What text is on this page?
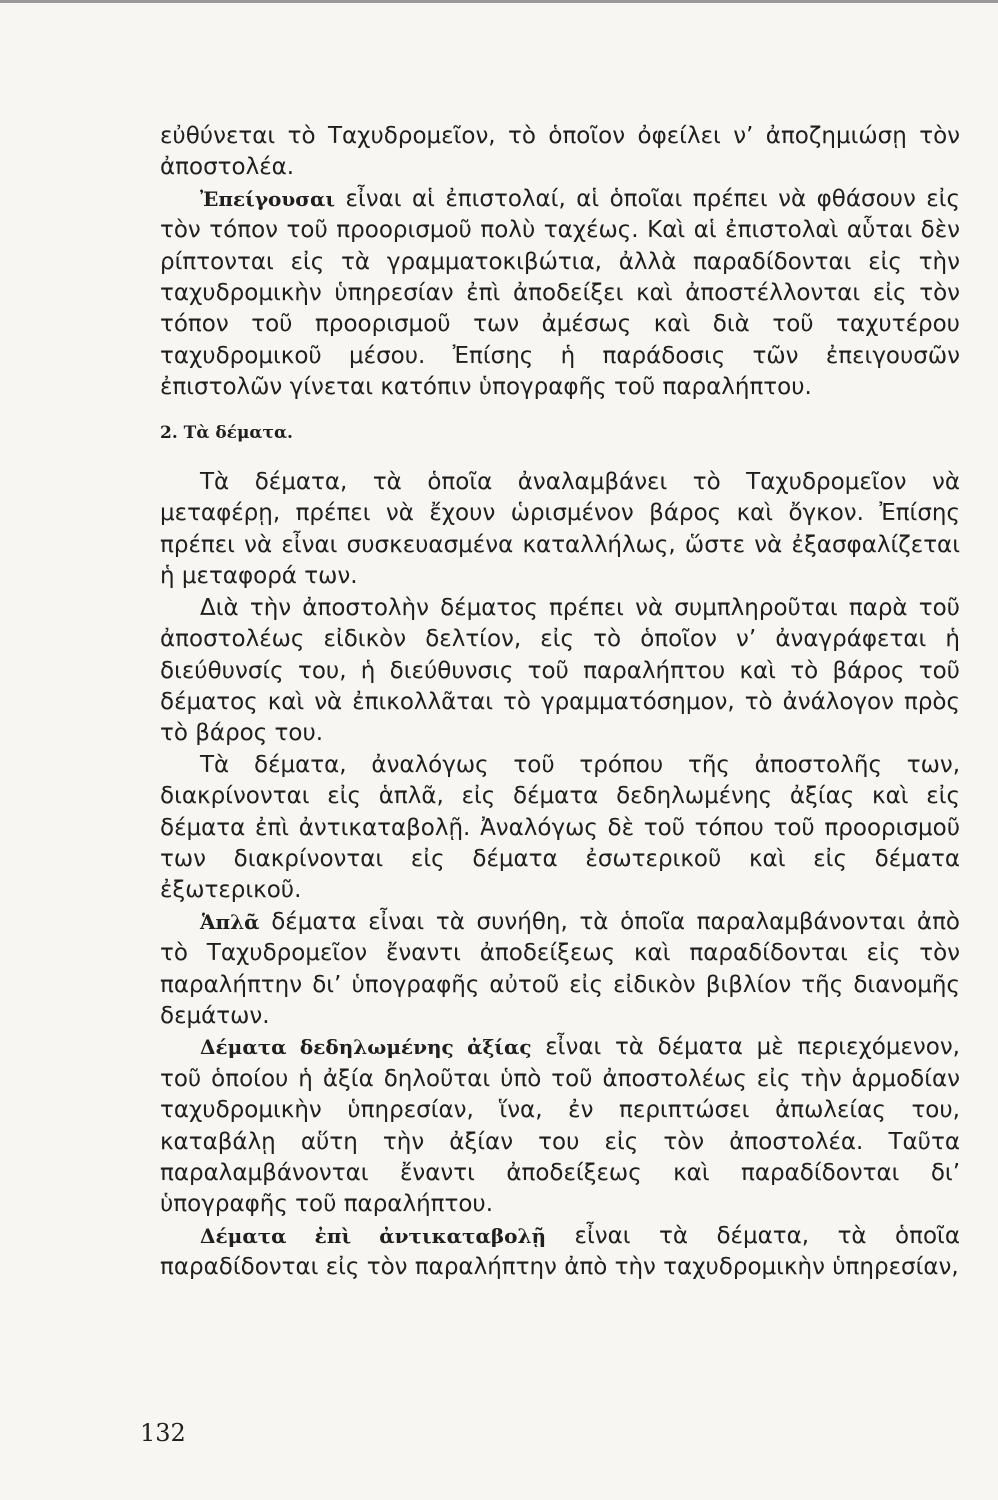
εὐθύνεται τὸ Ταχυδρομεῖον, τὸ ὁποῖον ὀφείλει ν’ ἀποζημιώσῃ τὸν ἀποστολέα.

Ἐπείγουσαι εἶναι αἱ ἐπιστολαί, αἱ ὁποῖαι πρέπει νὰ φθάσουν εἰς τὸν τόπον τοῦ προορισμοῦ πολὺ ταχέως. Καὶ αἱ ἐπιστολαὶ αὗται δὲν ρίπτονται εἰς τὰ γραμματοκιβώτια, ἀλλὰ παραδίδονται εἰς τὴν ταχυδρομικὴν ὑπηρεσίαν ἐπὶ ἀποδείξει καὶ ἀποστέλλονται εἰς τὸν τόπον τοῦ προορισμοῦ των ἀμέσως καὶ διὰ τοῦ ταχυτέρου ταχυδρομικοῦ μέσου. Ἐπίσης ἡ παράδοσις τῶν ἐπειγουσῶν ἐπιστολῶν γίνεται κατόπιν ὑπογραφῆς τοῦ παραλήπτου.

2. Τὰ δέματα.

Τὰ δέματα, τὰ ὁποῖα ἀναλαμβάνει τὸ Ταχυδρομεῖον νὰ μεταφέρῃ, πρέπει νὰ ἔχουν ὡρισμένον βάρος καὶ ὄγκον. Ἐπίσης πρέπει νὰ εἶναι συσκευασμένα καταλλήλως, ὥστε νὰ ἐξασφαλίζεται ἡ μεταφορά των.

Διὰ τὴν ἀποστολὴν δέματος πρέπει νὰ συμπληροῦται παρὰ τοῦ ἀποστολέως εἰδικὸν δελτίον, εἰς τὸ ὁποῖον ν’ ἀναγράφεται ἡ διεύθυνσίς του, ἡ διεύθυνσις τοῦ παραλήπτου καὶ τὸ βάρος τοῦ δέματος καὶ νὰ ἐπικολλᾶται τὸ γραμματόσημον, τὸ ἀνάλογον πρὸς τὸ βάρος του.

Τὰ δέματα, ἀναλόγως τοῦ τρόπου τῆς ἀποστολῆς των, διακρίνονται εἰς ἁπλᾶ, εἰς δέματα δεδηλωμένης ἀξίας καὶ εἰς δέματα ἐπὶ ἀντικαταβολῇ. Ἀναλόγως δὲ τοῦ τόπου τοῦ προορισμοῦ των διακρίνονται εἰς δέματα ἐσωτερικοῦ καὶ εἰς δέματα ἐξωτερικοῦ.

Ἁπλᾶ δέματα εἶναι τὰ συνήθη, τὰ ὁποῖα παραλαμβάνονται ἀπὸ τὸ Ταχυδρομεῖον ἔναντι ἀποδείξεως καὶ παραδίδονται εἰς τὸν παραλήπτην δι’ ὑπογραφῆς αὐτοῦ εἰς εἰδικὸν βιβλίον τῆς διανομῆς δεμάτων.

Δέματα δεδηλωμένης ἀξίας εἶναι τὰ δέματα μὲ περιεχόμενον, τοῦ ὁποίου ἡ ἀξία δηλοῦται ὑπὸ τοῦ ἀποστολέως εἰς τὴν ἁρμοδίαν ταχυδρομικὴν ὑπηρεσίαν, ἵνα, ἐν περιπτώσει ἀπωλείας του, καταβάλῃ αὕτη τὴν ἀξίαν του εἰς τὸν ἀποστολέα. Ταῦτα παραλαμβάνονται ἔναντι ἀποδείξεως καὶ παραδίδονται δι’ ὑπογραφῆς τοῦ παραλήπτου.

Δέματα ἐπὶ ἀντικαταβολῇ εἶναι τὰ δέματα, τὰ ὁποῖα παραδίδονται εἰς τὸν παραλήπτην ἀπὸ τὴν ταχυδρομικὴν ὑπηρεσίαν,

132
